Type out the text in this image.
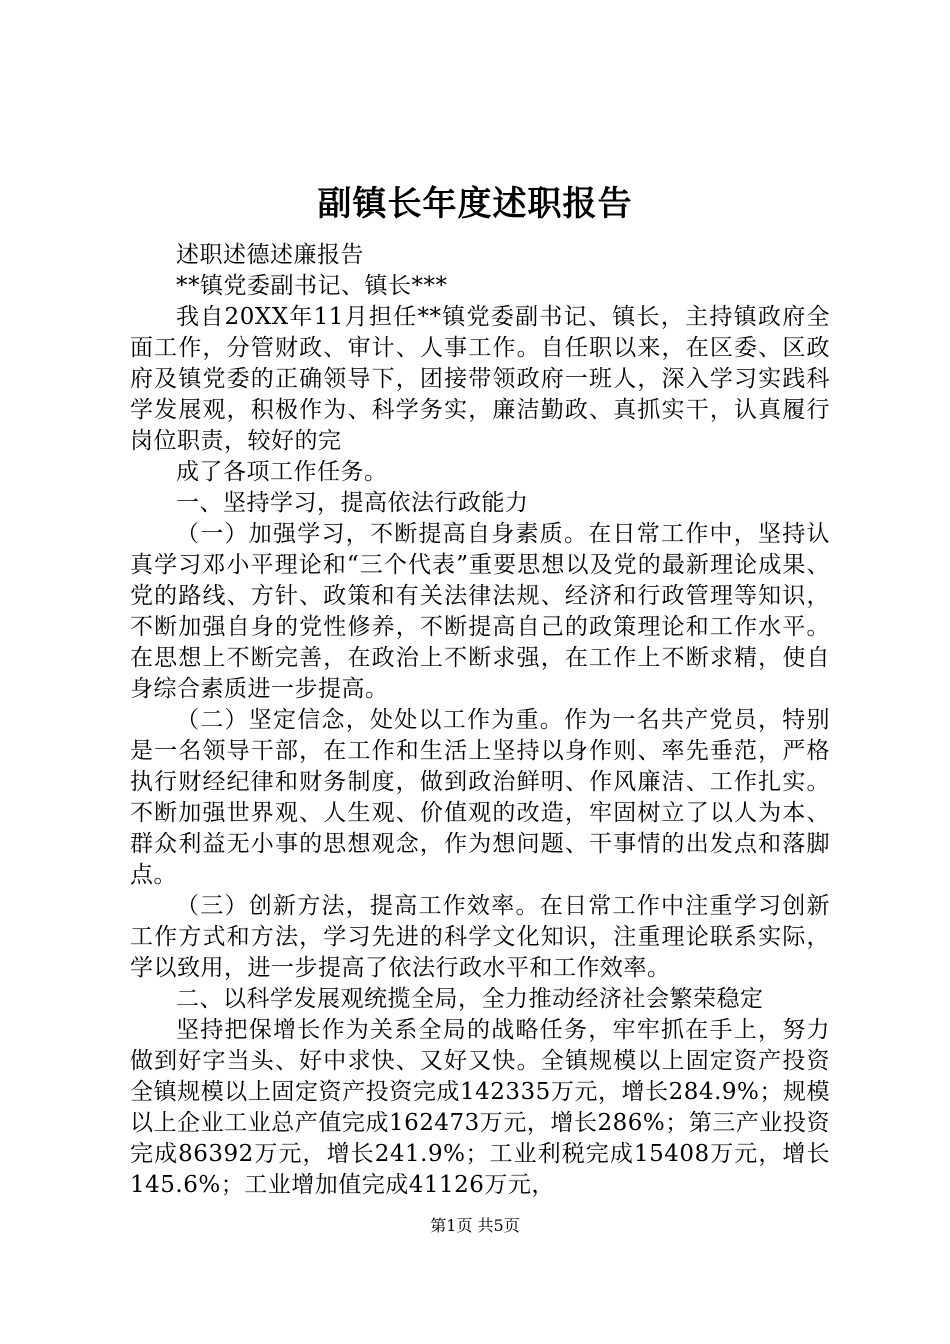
副镇长年度述职报告

述职述德述廉报告

**镇党委副书记、镇长***

我自20XX年11月担任**镇党委副书记、镇长，主持镇政府全面工作，分管财政、审计、人事工作。自任职以来，在区委、区政府及镇党委的正确领导下，团接带领政府一班人，深入学习实践科学发展观，积极作为、科学务实，廉洁勤政、真抓实干，认真履行岗位职责，较好的完

成了各项工作任务。

一、坚持学习，提高依法行政能力

（一）加强学习，不断提高自身素质。在日常工作中，坚持认真学习邓小平理论和“三个代表”重要思想以及党的最新理论成果、党的路线、方针、政策和有关法律法规、经济和行政管理等知识，不断加强自身的党性修养，不断提高自己的政策理论和工作水平。在思想上不断完善，在政治上不断求强，在工作上不断求精，使自身综合素质进一步提高。

（二）坚定信念，处处以工作为重。作为一名共产党员，特别是一名领导干部，在工作和生活上坚持以身作则、率先垂范，严格执行财经纪律和财务制度，做到政治鲜明、作风廉洁、工作扎实。不断加强世界观、人生观、价值观的改造，牢固树立了以人为本、群众利益无小事的思想观念，作为想问题、干事情的出发点和落脚点。

（三）创新方法，提高工作效率。在日常工作中注重学习创新工作方式和方法，学习先进的科学文化知识，注重理论联系实际，学以致用，进一步提高了依法行政水平和工作效率。

二、以科学发展观统揽全局，全力推动经济社会繁荣稳定

坚持把保增长作为关系全局的战略任务，牢牢抓在手上，努力做到好字当头、好中求快、又好又快。全镇规模以上固定资产投资全镇规模以上固定资产投资完成142335万元，增长284.9%；规模以上企业工业总产值完成162473万元，增长286%；第三产业投资完成86392万元，增长241.9%；工业利税完成15408万元，增长145.6%；工业增加值完成41126万元，

第1页 共5页
